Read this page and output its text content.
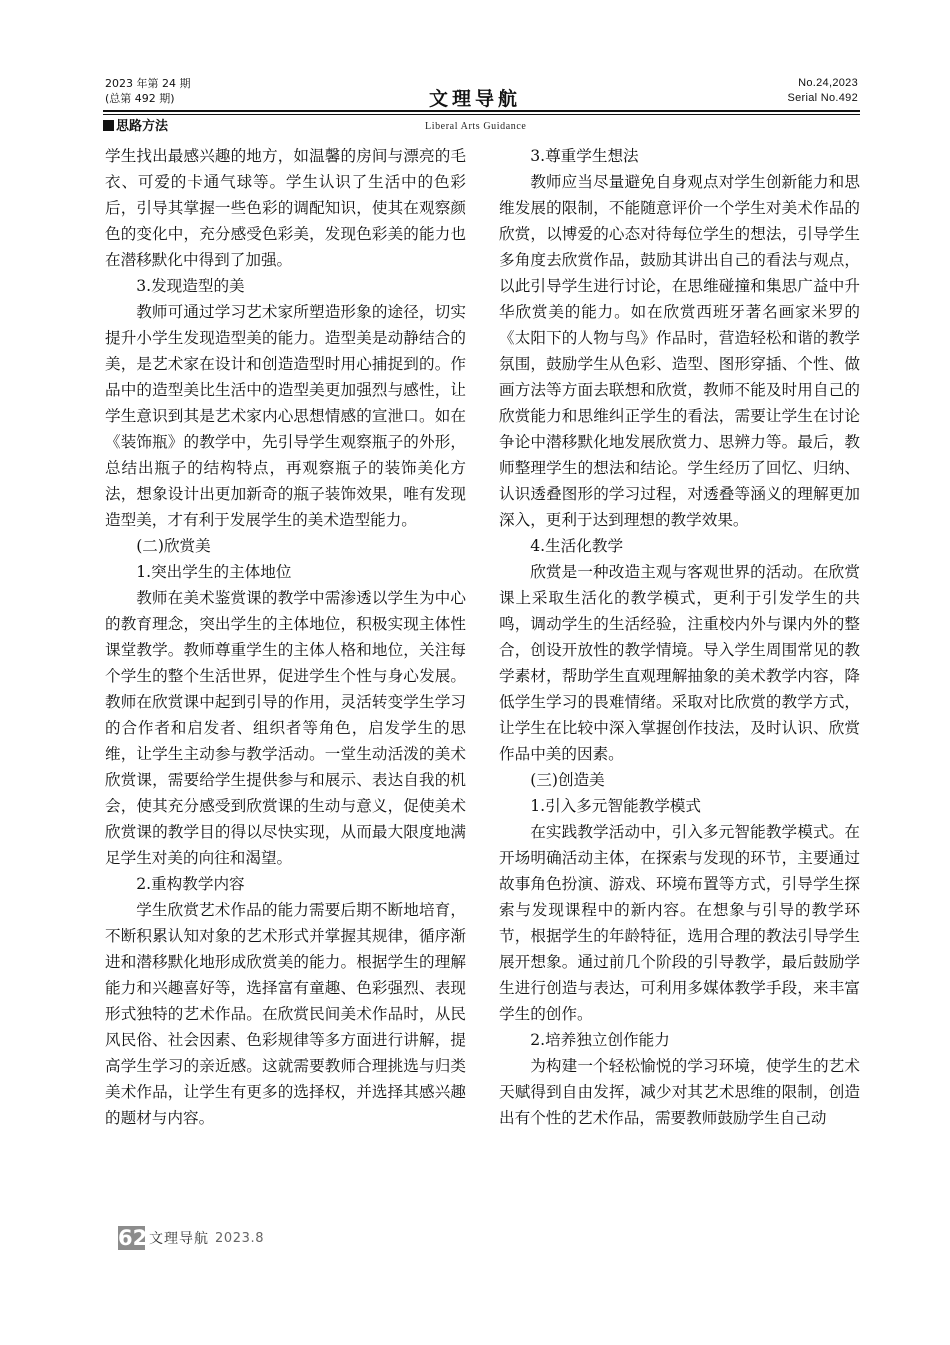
2023 年第 24 期
(总第 492 期)	文理导航
No.24,2023
Serial No.492
思路方法	Liberal Arts Guidance

学生找出最感兴趣的地方，如温馨的房间与漂亮的毛衣、可爱的卡通气球等。学生认识了生活中的色彩后，引导其掌握一些色彩的调配知识，使其在观察颜色的变化中，充分感受色彩美，发现色彩美的能力也在潜移默化中得到了加强。

3.发现造型的美

教师可通过学习艺术家所塑造形象的途径，切实提升小学生发现造型美的能力。造型美是动静结合的美，是艺术家在设计和创造造型时用心捕捉到的。作品中的造型美比生活中的造型美更加强烈与感性，让学生意识到其是艺术家内心思想情感的宣泄口。如在《装饰瓶》的教学中，先引导学生观察瓶子的外形，总结出瓶子的结构特点，再观察瓶子的装饰美化方法，想象设计出更加新奇的瓶子装饰效果，唯有发现造型美，才有利于发展学生的美术造型能力。

(二)欣赏美

1.突出学生的主体地位

教师在美术鉴赏课的教学中需渗透以学生为中心的教育理念，突出学生的主体地位，积极实现主体性课堂教学。教师尊重学生的主体人格和地位，关注每个学生的整个生活世界，促进学生个性与身心发展。教师在欣赏课中起到引导的作用，灵活转变学生学习的合作者和启发者、组织者等角色，启发学生的思维，让学生主动参与教学活动。一堂生动活泼的美术欣赏课，需要给学生提供参与和展示、表达自我的机会，使其充分感受到欣赏课的生动与意义，促使美术欣赏课的教学目的得以尽快实现，从而最大限度地满足学生对美的向往和渴望。

2.重构教学内容

学生欣赏艺术作品的能力需要后期不断地培育，不断积累认知对象的艺术形式并掌握其规律，循序渐进和潜移默化地形成欣赏美的能力。根据学生的理解能力和兴趣喜好等，选择富有童趣、色彩强烈、表现形式独特的艺术作品。在欣赏民间美术作品时，从民风民俗、社会因素、色彩规律等多方面进行讲解，提高学生学习的亲近感。这就需要教师合理挑选与归类美术作品，让学生有更多的选择权，并选择其感兴趣的题材与内容。

3.尊重学生想法

教师应当尽量避免自身观点对学生创新能力和思维发展的限制，不能随意评价一个学生对美术作品的欣赏，以博爱的心态对待每位学生的想法，引导学生多角度去欣赏作品，鼓励其讲出自己的看法与观点，以此引导学生进行讨论，在思维碰撞和集思广益中升华欣赏美的能力。如在欣赏西班牙著名画家米罗的《太阳下的人物与鸟》作品时，营造轻松和谐的教学氛围，鼓励学生从色彩、造型、图形穿插、个性、做画方法等方面去联想和欣赏，教师不能及时用自己的欣赏能力和思维纠正学生的看法，需要让学生在讨论争论中潜移默化地发展欣赏力、思辨力等。最后，教师整理学生的想法和结论。学生经历了回忆、归纳、认识透叠图形的学习过程，对透叠等涵义的理解更加深入，更利于达到理想的教学效果。

4.生活化教学

欣赏是一种改造主观与客观世界的活动。在欣赏课上采取生活化的教学模式，更利于引发学生的共鸣，调动学生的生活经验，注重校内外与课内外的整合，创设开放性的教学情境。导入学生周围常见的教学素材，帮助学生直观理解抽象的美术教学内容，降低学生学习的畏难情绪。采取对比欣赏的教学方式，让学生在比较中深入掌握创作技法，及时认识、欣赏作品中美的因素。

(三)创造美

1.引入多元智能教学模式

在实践教学活动中，引入多元智能教学模式。在开场明确活动主体，在探索与发现的环节，主要通过故事角色扮演、游戏、环境布置等方式，引导学生探索与发现课程中的新内容。在想象与引导的教学环节，根据学生的年龄特征，选用合理的教法引导学生展开想象。通过前几个阶段的引导教学，最后鼓励学生进行创造与表达，可利用多媒体教学手段，来丰富学生的创作。

2.培养独立创作能力

为构建一个轻松愉悦的学习环境，使学生的艺术天赋得到自由发挥，减少对其艺术思维的限制，创造出有个性的艺术作品，需要教师鼓励学生自己动

62 文理导航 2023.8
